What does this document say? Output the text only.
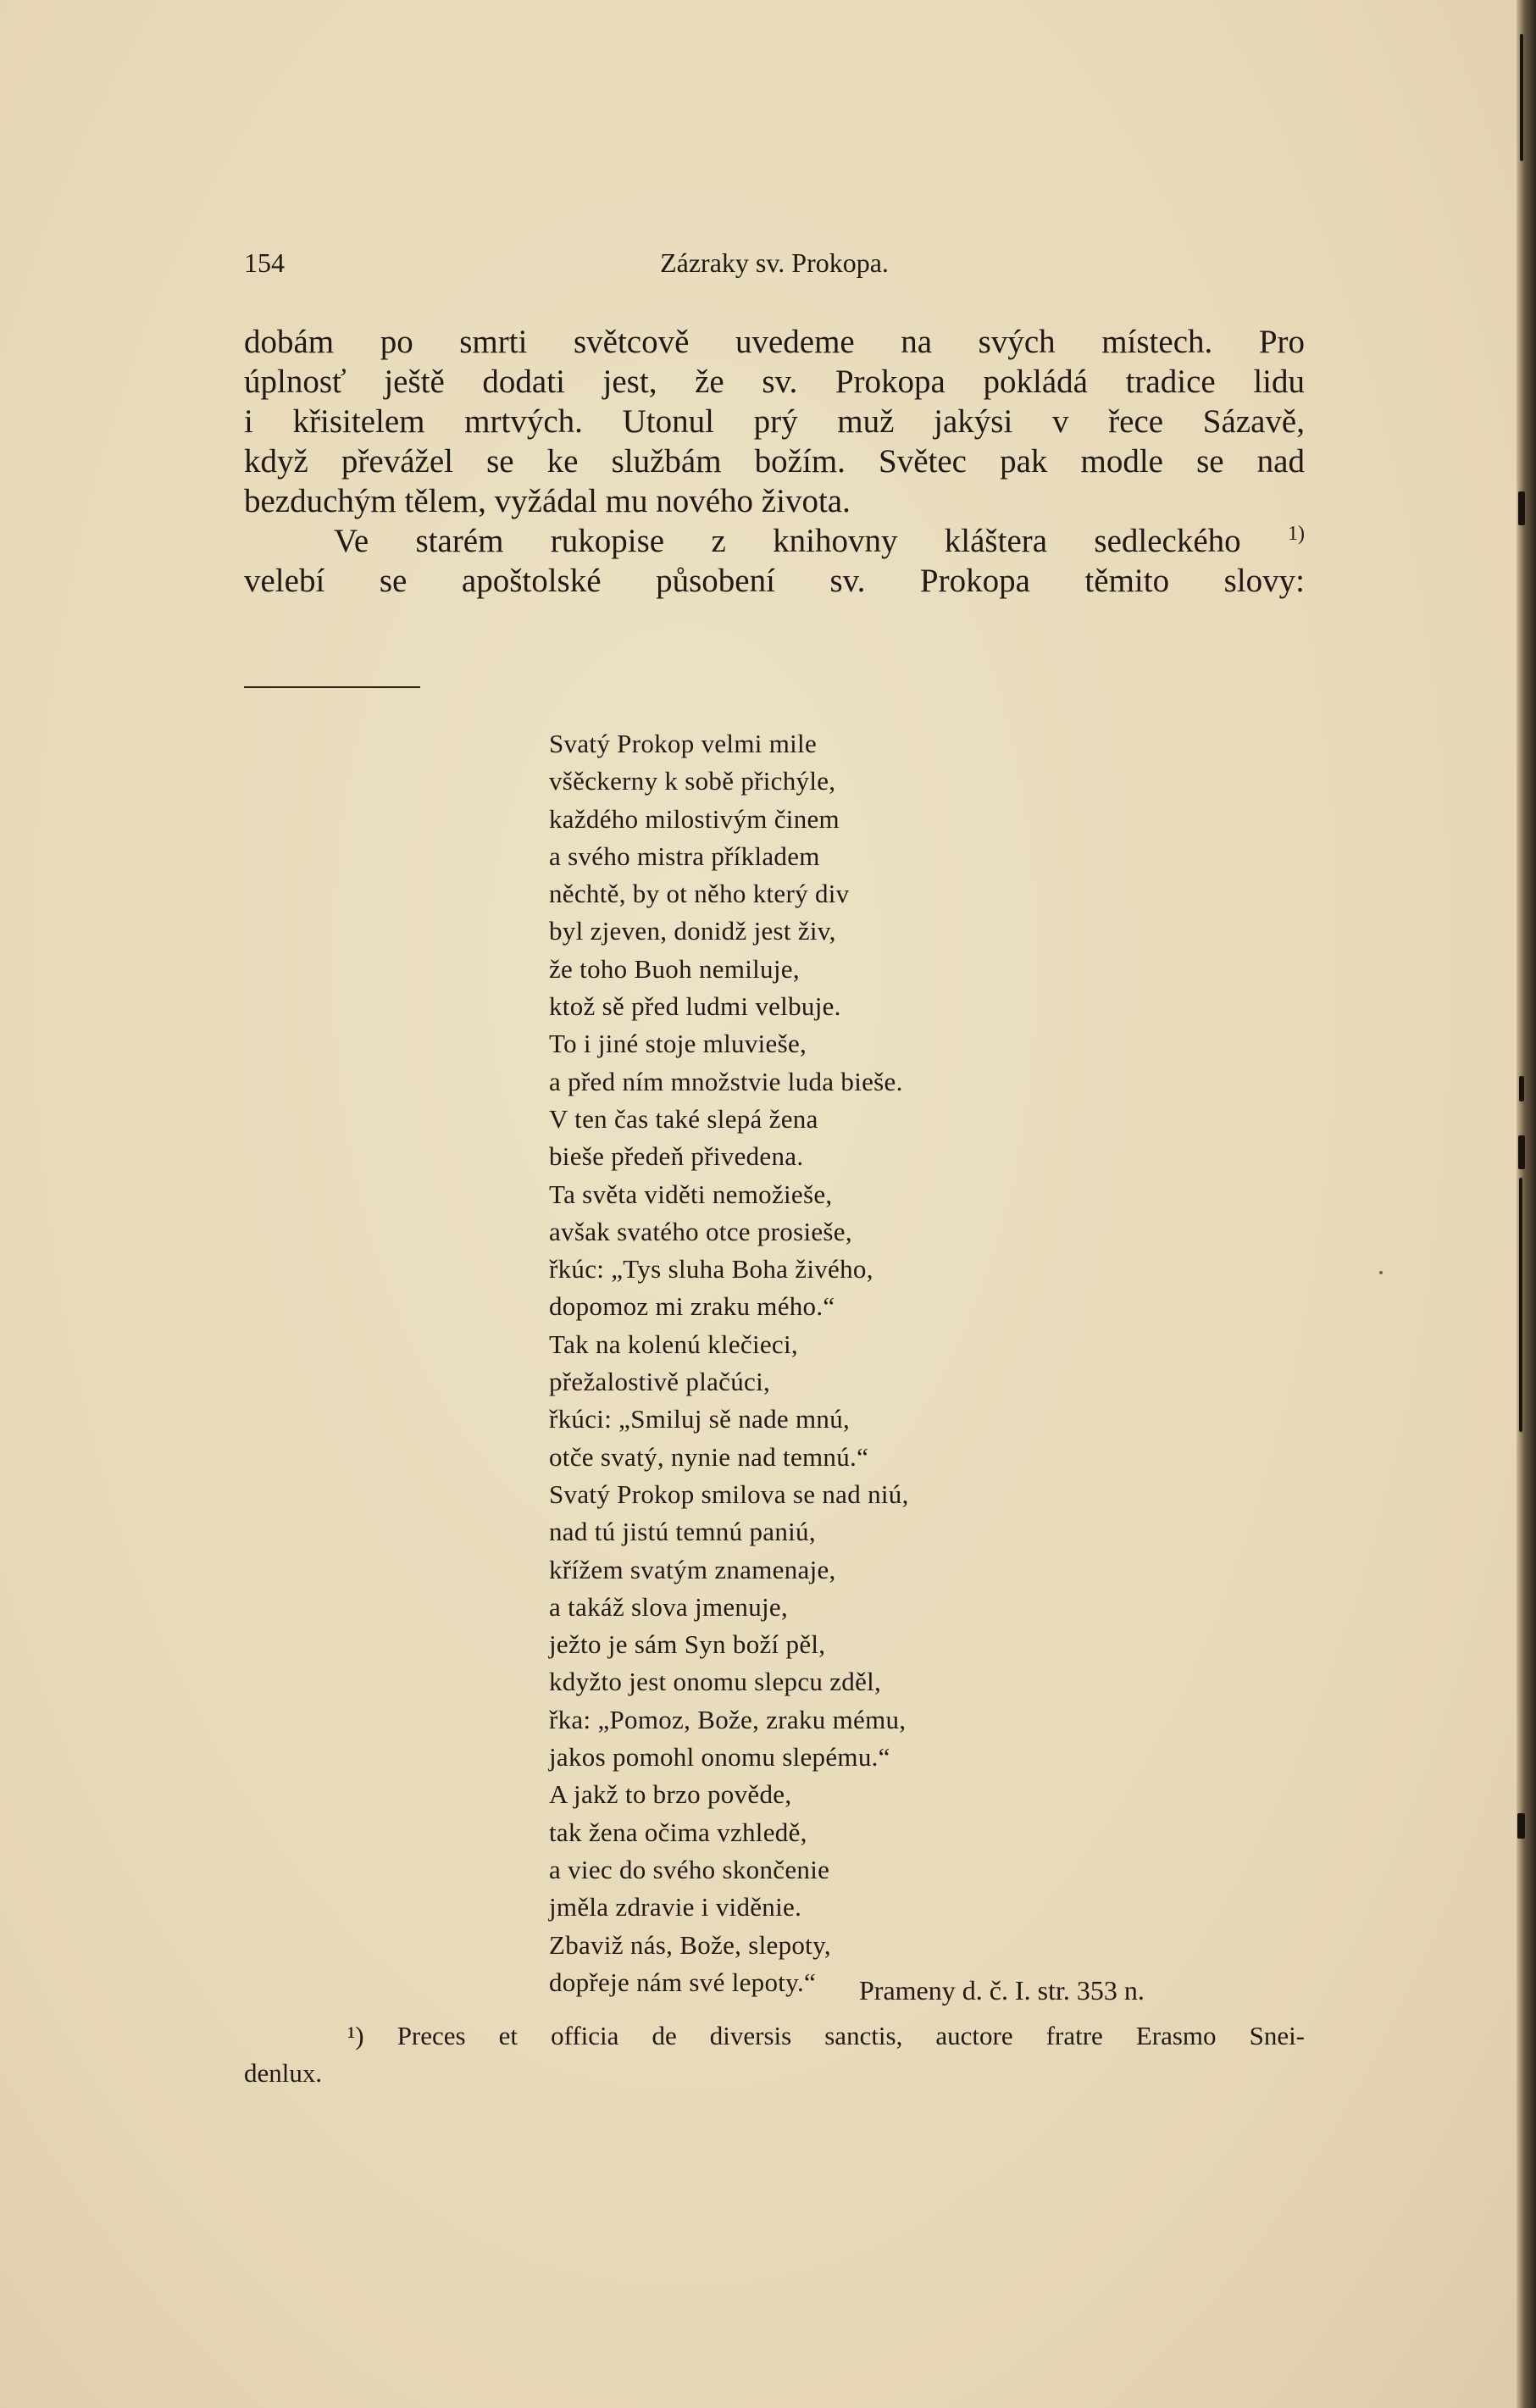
154	Zázraky sv. Prokopa.
dobám po smrti světcově uvedeme na svých místech. Pro
úplnosť ještě dodati jest, že sv. Prokopa pokládá tradice lidu
i křisitelem mrtvých. Utonul prý muž jakýsi v řece Sázavě,
když převážel se ke službám božím. Světec pak modle se nad
bezduchým tělem, vyžádal mu nového života.
Ve starém rukopise z knihovny kláštera sedleckého $^{1)}$
velebí se apoštolské působení sv. Prokopa těmito slovy:
Svatý Prokop velmi mile
všěckerny k sobě přichýle,
každého milostivým činem
a svého mistra příkladem
něchtě, by ot něho který div
byl zjeven, donidž jest živ,
že toho Buoh nemiluje,
ktož sě před ludmi velbuje.
To i jiné stoje mluvieše,
a před ním množstvie luda bieše.
V ten čas také slepá žena
bieše předeň přivedena.
Ta světa viděti nemožieše,
avšak svatého otce prosieše,
řkúc: „Tys sluha Boha živého,
dopomoz mi zraku mého.“
Tak na kolenú klečieci,
přežalostivě plačúci,
řkúci: „Smiluj sě nade mnú,
otče svatý, nynie nad temnú.“
Svatý Prokop smilova se nad niú,
nad tú jistú temnú paniú,
křížem svatým znamenaje,
a takáž slova jmenuje,
ježto je sám Syn boží pěl,
kdyžto jest onomu slepcu zděl,
řka: „Pomoz, Bože, zraku mému,
jakos pomohl onomu slepému.“
A jakž to brzo pověde,
tak žena očima vzhledě,
a viec do svého skončenie
jměla zdravie i viděnie.
Zbaviž nás, Bože, slepoty,
dopřeje nám své lepoty.“	Prameny d. č. I. str. 353 n.
¹) Preces et officia de diversis sanctis, auctore fratre Erasmo Snei-
denlux.
